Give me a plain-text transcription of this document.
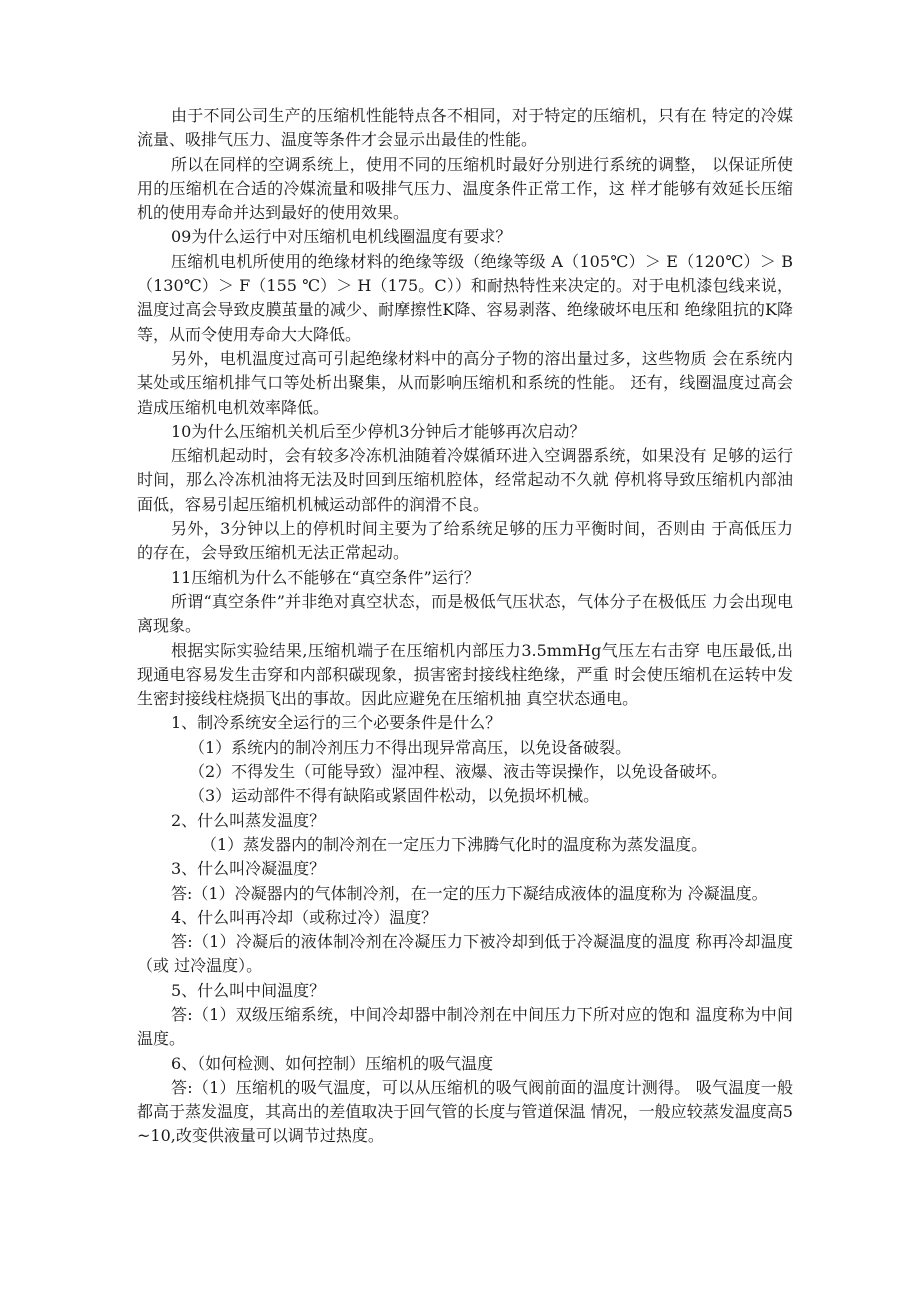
由于不同公司生产的压缩机性能特点各不相同，对于特定的压缩机，只有在 特定的冷媒流量、吸排气压力、温度等条件才会显示出最佳的性能。

所以在同样的空调系统上，使用不同的压缩机时最好分别进行系统的调整， 以保证所使用的压缩机在合适的冷媒流量和吸排气压力、温度条件正常工作，这 样才能够有效延长压缩机的使用寿命并达到最好的使用效果。

09为什么运行中对压缩机电机线圈温度有要求？

压缩机电机所使用的绝缘材料的绝缘等级（绝缘等级 A（105℃）＞ E（120℃）＞ B（130℃）＞ F（155 ℃）＞ H（175。C））和耐热特性来决定的。对于电机漆包线来说， 温度过高会导致皮膜茧量的减少、耐摩擦性K降、容易剥落、绝缘破坏电压和 绝缘阻抗的K降等，从而令使用寿命大大降低。

另外，电机温度过高可引起绝缘材料中的高分子物的溶出量过多，这些物质 会在系统内某处或压缩机排气口等处析出聚集，从而影响压缩机和系统的性能。 还有，线圈温度过高会造成压缩机电机效率降低。

10为什么压缩机关机后至少停机3分钟后才能够再次启动？

压缩机起动时，会有较多冷冻机油随着冷媒循环进入空调器系统，如果没有 足够的运行时间，那么冷冻机油将无法及时回到压缩机腔体，经常起动不久就 停机将导致压缩机内部油面低，容易引起压缩机机械运动部件的润滑不良。

另外，3分钟以上的停机时间主要为了给系统足够的压力平衡时间，否则由 于高低压力的存在，会导致压缩机无法正常起动。

11压缩机为什么不能够在“真空条件”运行？

所谓“真空条件”并非绝对真空状态，而是极低气压状态，气体分子在极低压 力会出现电离现象。

根据实际实验结果,压缩机端子在压缩机内部压力3.5mmHg气压左右击穿 电压最低,出现通电容易发生击穿和内部积碳现象，损害密封接线柱绝缘，严重 时会使压缩机在运转中发生密封接线柱烧损飞出的事故。因此应避免在压缩机抽 真空状态通电。

1、制冷系统安全运行的三个必要条件是什么？

（1）系统内的制冷剂压力不得出现异常高压，以免设备破裂。

（2）不得发生（可能导致）湿冲程、液爆、液击等误操作，以免设备破坏。

（3）运动部件不得有缺陷或紧固件松动，以免损坏机械。

2、什么叫蒸发温度？

（1）蒸发器内的制冷剂在一定压力下沸腾气化时的温度称为蒸发温度。

3、什么叫冷凝温度？

答:（1）冷凝器内的气体制冷剂，在一定的压力下凝结成液体的温度称为 冷凝温度。

4、什么叫再冷却（或称过冷）温度？

答:（1）冷凝后的液体制冷剂在冷凝压力下被冷却到低于冷凝温度的温度 称再冷却温度（或 过冷温度）。

5、什么叫中间温度？

答:（1）双级压缩系统，中间冷却器中制冷剂在中间压力下所对应的饱和 温度称为中间温度。

6、（如何检测、如何控制）压缩机的吸气温度

答:（1）压缩机的吸气温度，可以从压缩机的吸气阀前面的温度计测得。 吸气温度一般都高于蒸发温度，其高出的差值取决于回气管的长度与管道保温 情况，一般应较蒸发温度高5~10,改变供液量可以调节过热度。
